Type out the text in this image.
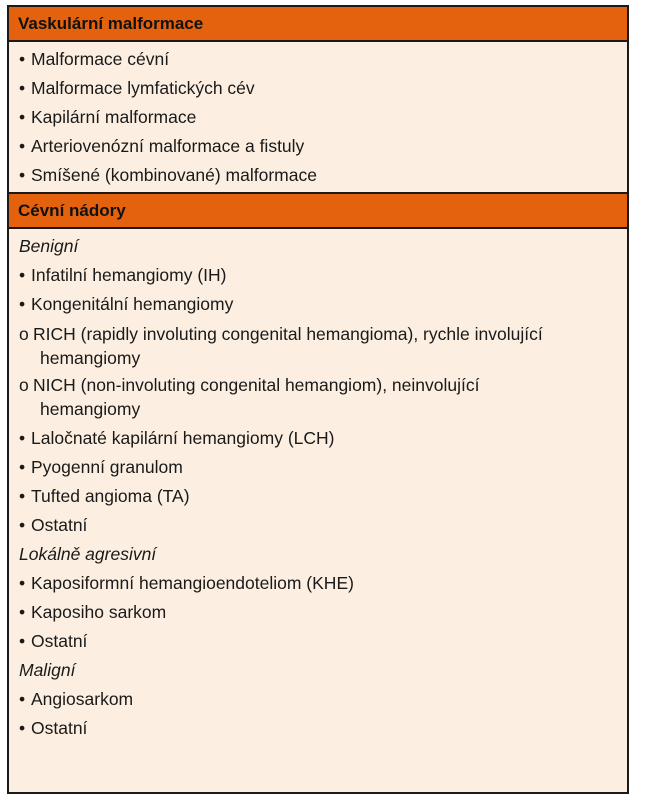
Vaskulární malformace
• Malformace cévní
• Malformace lymfatických cév
• Kapilární malformace
• Arteriovenózní malformace a fistuly
• Smíšené (kombinované) malformace
Cévní nádory
Benigní
• Infatilní hemangiomy (IH)
• Kongenitální hemangiomy
o RICH (rapidly involuting congenital hemangioma), rychle involující
hemangiomy
o NICH (non-involuting congenital hemangiom), neinvolující
hemangiomy
• Laločnaté kapilární hemangiomy (LCH)
• Pyogenní granulom
• Tufted angioma (TA)
• Ostatní
Lokálně agresivní
• Kaposiformní hemangioendoteliom (KHE)
• Kaposiho sarkom
• Ostatní
Maligní
• Angiosarkom
• Ostatní
